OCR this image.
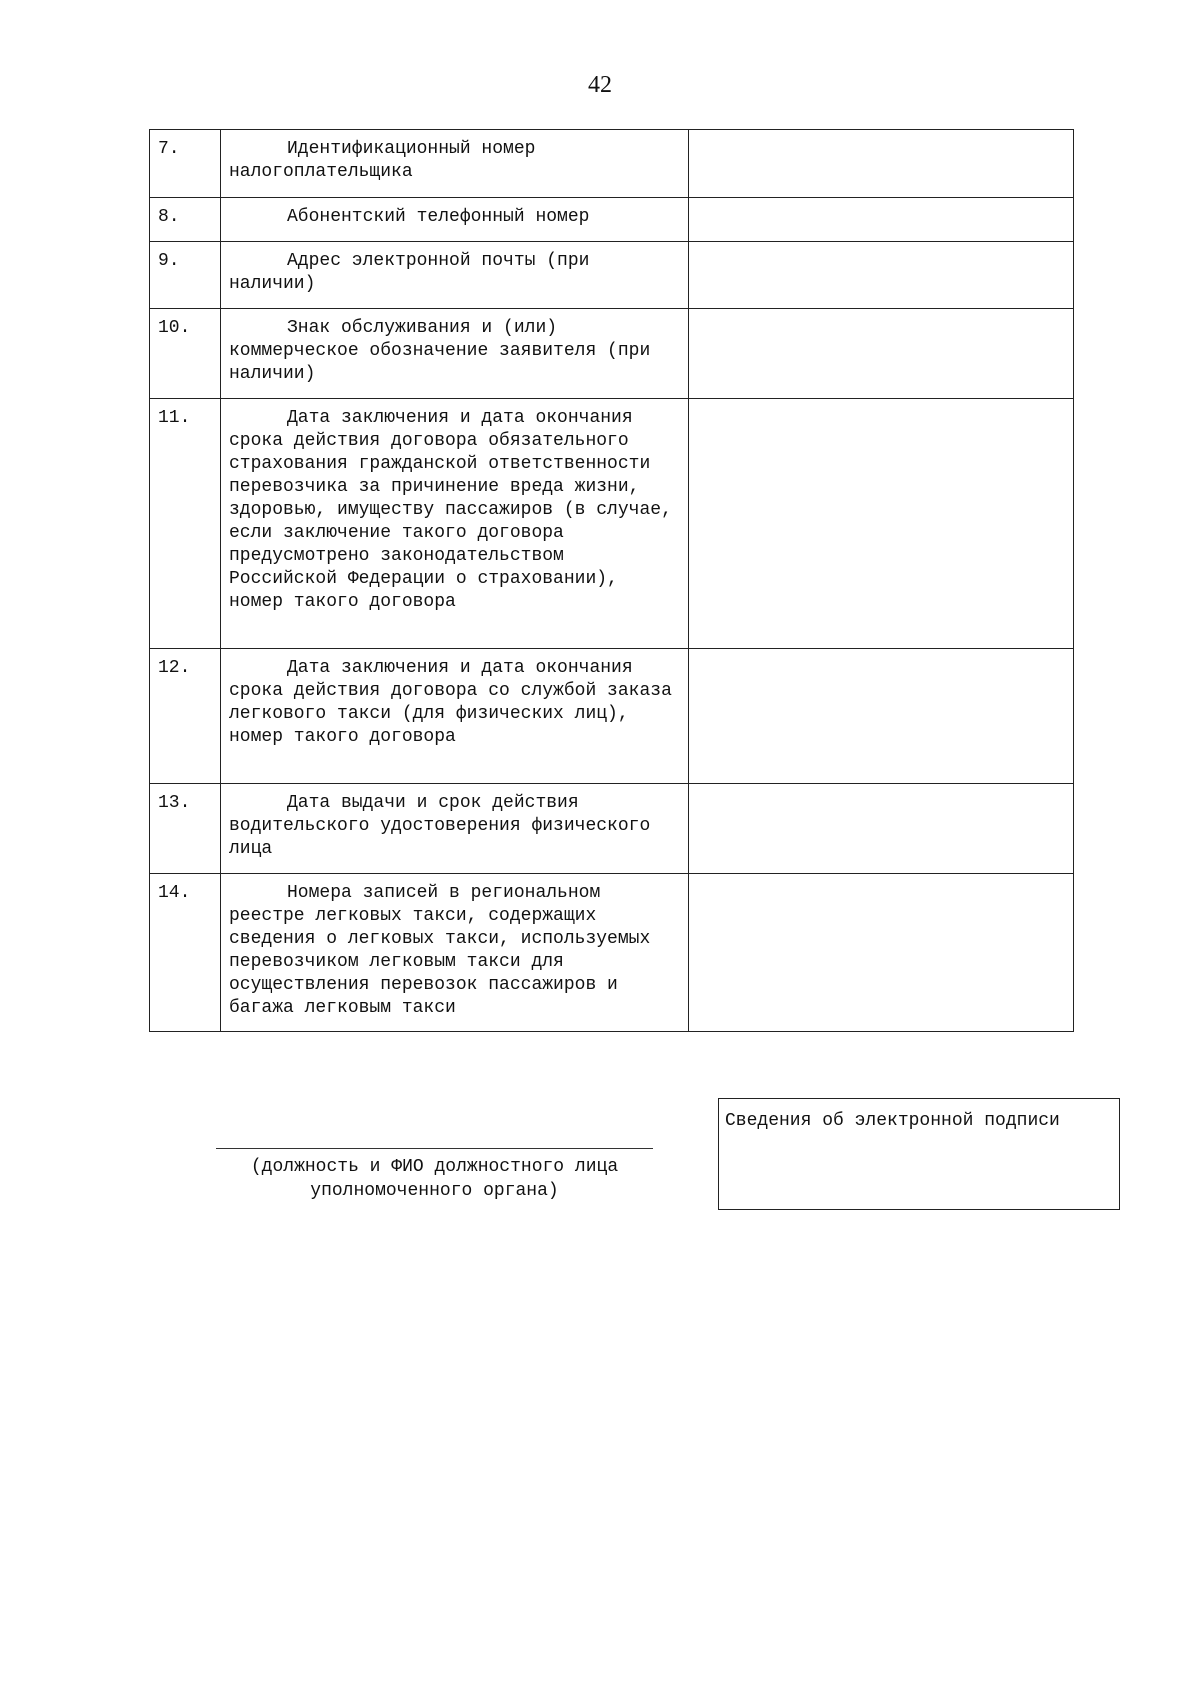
42
7.	Идентификационный номер налогоплательщика	
8.	Абонентский телефонный номер	
9.	Адрес электронной почты (при наличии)	
10.	Знак обслуживания и (или) коммерческое обозначение заявителя (при наличии)	
11.	Дата заключения и дата окончания срока действия договора обязательного страхования гражданской ответственности перевозчика за причинение вреда жизни, здоровью, имуществу пассажиров (в случае, если заключение такого договора предусмотрено законодательством Российской Федерации о страховании), номер такого договора	
12.	Дата заключения и дата окончания срока действия договора со службой заказа легкового такси (для физических лиц), номер такого договора	
13.	Дата выдачи и срок действия водительского удостоверения физического лица	
14.	Номера записей в региональном реестре легковых такси, содержащих сведения о легковых такси, используемых перевозчиком легковым такси для осуществления перевозок пассажиров и багажа легковым такси	
(должность и ФИО должностного лица уполномоченного органа)
Сведения об электронной подписи
